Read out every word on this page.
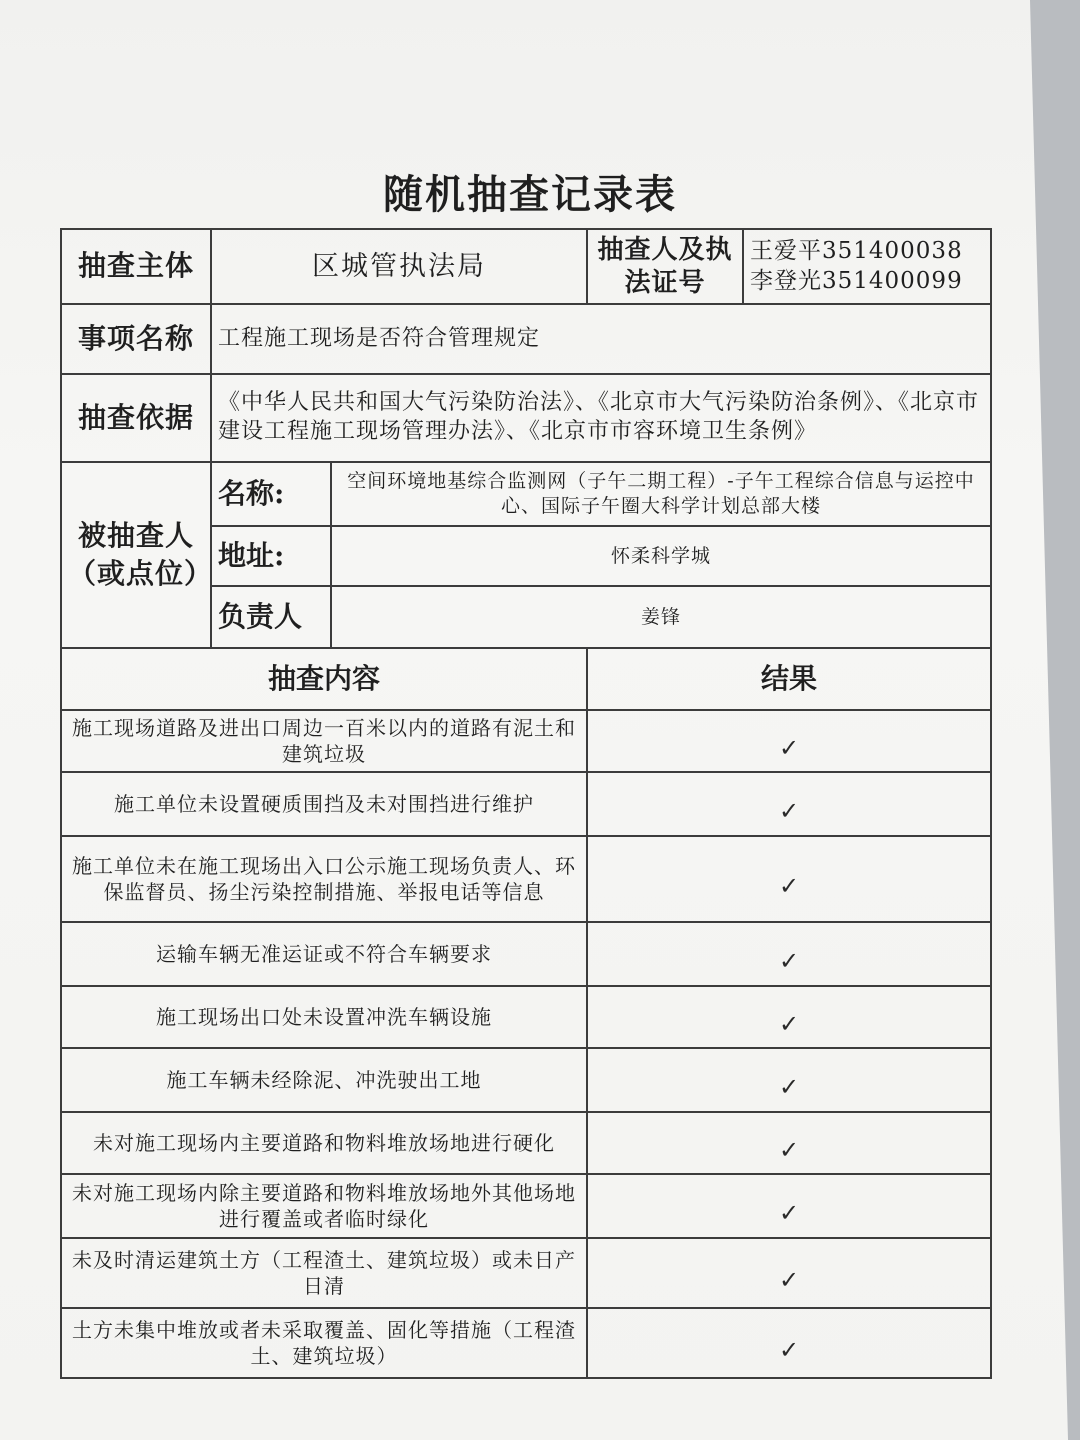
随机抽查记录表
抽查主体	区城管执法局		抽查人及执法证号	王爱平351400038
李登光351400099

事项名称	工程施工现场是否符合管理规定			
抽查依据	《中华人民共和国大气污染防治法》、《北京市大气污染防治条例》、《北京市建设工程施工现场管理办法》、《北京市市容环境卫生条例》			
被抽查人（或点位）	名称:	空间环境地基综合监测网（子午二期工程）-子午工程综合信息与运控中心、国际子午圈大科学计划总部大楼		
	地址:	怀柔科学城		
	负责人	姜锋		
抽查内容			结果	
施工现场道路及进出口周边一百米以内的道路有泥土和建筑垃圾			✓	
施工单位未设置硬质围挡及未对围挡进行维护			✓	
施工单位未在施工现场出入口公示施工现场负责人、环保监督员、扬尘污染控制措施、举报电话等信息			✓	
运输车辆无准运证或不符合车辆要求			✓	
施工现场出口处未设置冲洗车辆设施			✓	
施工车辆未经除泥、冲洗驶出工地			✓	
未对施工现场内主要道路和物料堆放场地进行硬化			✓	
未对施工现场内除主要道路和物料堆放场地外其他场地进行覆盖或者临时绿化			✓	
未及时清运建筑土方（工程渣土、建筑垃圾）或未日产日清			✓	
土方未集中堆放或者未采取覆盖、固化等措施（工程渣土、建筑垃圾）			✓	
